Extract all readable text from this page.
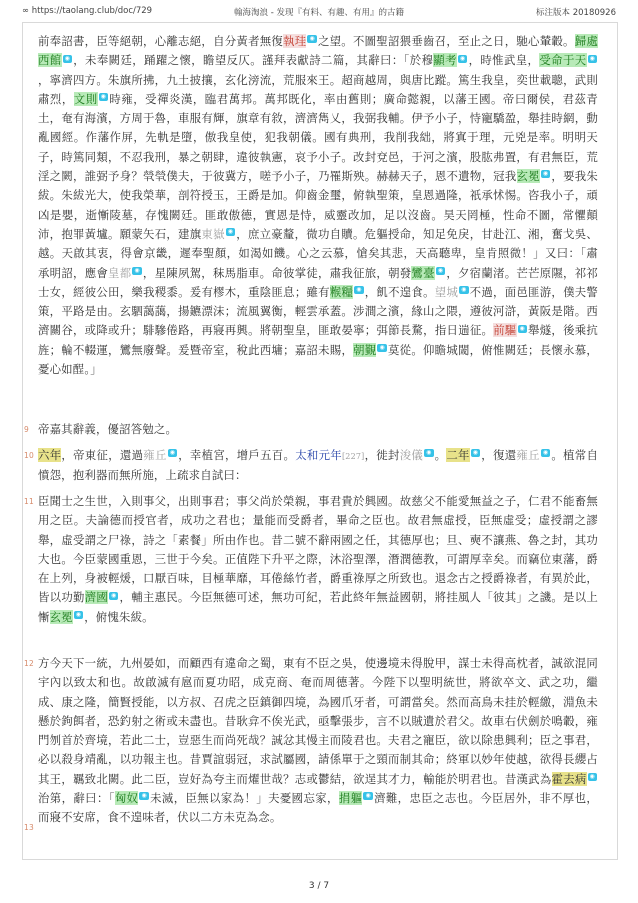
∞ https://taolang.club/doc/729	翰海淘浪 - 发现『有料、有趣、有用』的古籍	标注版本 20180926
前奉詔書，臣等絕朝，心離志絕，自分黃者無復執珪 ◉ 之望。不圖聖詔猥垂齒召，至止之日，馳心輦轂。歸處西館 ◉ ，未奉闕廷，踊躍之懷，瞻望反仄。謹拜表獻詩二篇，其辭曰：「於穆顯考 ◉ ，時惟武皇，受命于天 ◉，寧濟四方。朱旗所拂，九土披攘，玄化滂流，荒服來王。超商越周，與唐比蹤。篤生我皇，奕世載聰，武則肅烈，文則 ◉ 時雍，受禪炎漢，臨君萬邦。萬邦既化，率由舊則；廣命懿親，以藩王國。帝曰爾侯，君茲青土，奄有海濱，方周于魯，車服有輝，旗章有敘，濟濟雋乂，我弼我輔。伊予小子，恃寵驕盈，舉挂時網，動亂國經。作藩作屏，先軌是墮，傲我皇使，犯我朝儀。國有典刑，我削我絀，將寘于理，元兇是率。明明天子，時篤同類，不忍我刑，暴之朝肆，違彼執憲，哀予小子。改封兗邑，于河之濱，股肱弗置，有君無臣，荒淫之闕，誰弼予身？煢煢僕夫，于彼冀方，嗟予小子，乃罹斯殃。赫赫天子，恩不遺物，冠我玄冕 ◉ ，要我朱紱。朱紱光大，使我榮華，剖符授玉，王爵是加。仰齒金璽，俯執聖策，皇恩過隆，祇承怵惕。咨我小子，頑凶是嬰，逝慚陵墓，存愧闕廷。匪敢傲德，實恩是恃，威靈改加，足以沒齒。昊天罔極，性命不圖，常懼顛沛，抱罪黃壚。願蒙矢石，建旗東嶽 ◉ ，庶立豪釐，微功自贖。危軀授命，知足免戾，甘赴江、湘，奮戈吳、越。天啟其衷，得會京畿，遲奉聖顏，如渴如饑。心之云慕，愴矣其悲，天高聽卑，皇肯照微！」又曰：「肅承明詔，應會皇都 ◉ ，星陳夙駕，秣馬脂車。命彼掌徒，肅我征旅，朝發鸞臺 ◉ ，夕宿蘭渚。芒芒原隰，祁祁士女，經彼公田，樂我稷黍。爰有樛木，重陰匪息；雖有糇糧 ◉ ，飢不遑食。望城 ◉ 不過，面邑匪游，僕夫警策，平路是由。玄駟藹藹，揚鑣漂沫；流風翼衡，輕雲承蓋。涉澗之濱，緣山之隈，遵彼河滸，黃阪是階。西濟關谷，或降或升；騑驂倦路，再寢再興。將朝聖皇，匪敢晏寧；弭節長騖，指日遄征。前驅 ◉ 舉燧，後乘抗旌；輪不輟運，鸞無廢聲。爰暨帝室，稅此西墉；嘉詔未賜，朝覲 ◉ 莫從。仰瞻城閾，俯惟闕廷；長懷永慕，憂心如酲。」
9 帝嘉其辭義，優詔答勉之。
10 六年，帝東征，還過雍丘 ◉ ，幸植宮，增戶五百。太和元年[227]，徙封浚儀 ◉ 。二年 ◉ ，復還雍丘 ◉ 。植常自憤怨，抱利器而無所施，上疏求自試曰：
11 臣聞士之生世，入則事父，出則事君；事父尚於榮親，事君貴於興國。故慈父不能愛無益之子，仁君不能畜無用之臣。夫論德而授官者，成功之君也；量能而受爵者，畢命之臣也。故君無虛授，臣無虛受；虛授謂之謬舉，虛受謂之尸祿，詩之「素餐」所由作也。昔二號不辭兩國之任，其德厚也；旦、奭不讓燕、魯之封，其功大也。今臣蒙國重恩，三世于今矣。正值陛下升平之際，沐浴聖澤，潛潤德教，可謂厚幸矣。而竊位東藩，爵在上列，身被輕煖，口厭百味，目極華靡，耳倦絲竹者，爵重祿厚之所致也。退念古之授爵祿者，有異於此，皆以功勤濟國 ◉ ，輔主惠民。今臣無德可述，無功可紀，若此終年無益國朝，將挂風人「彼其」之譏。是以上慚玄冕 ◉ ，俯愧朱紱。
12 方今天下一統，九州晏如，而顧西有違命之蜀，東有不臣之吳，使邊境未得脫甲，謀士未得高枕者，誠欲混同宇內以致太和也。故啟滅有扈而夏功昭，成克商、奄而周德著。今陛下以聖明統世，將欲卒文、武之功，繼成、康之隆，簡賢授能，以方叔、召虎之臣鎮御四境，為國爪牙者，可謂當矣。然而高鳥未挂於輕繳，淵魚未懸於鉤餌者，恐釣射之術或未盡也。昔耿弇不俟光武，亟擊張步，言不以賊遺於君父。故車右伏劍於鳴轂，雍門刎首於齊境，若此二士，豈惡生而尚死哉？誠忿其慢主而陵君也。夫君之寵臣，欲以除患興利；臣之事君，必以殺身靖亂，以功報主也。昔賈誼弱冠，求試屬國，請係單于之頸而制其命；終軍以妙年使越，欲得長纓占其王，羈致北闕。此二臣，豈好為夸主而燿世哉？志或鬱結，欲逞其才力，輸能於明君也。昔漢武為霍去病 ◉治第，辭曰：「匈奴 ◉ 未滅，臣無以家為！」夫憂國忘家，捐軀 ◉ 濟難，忠臣之志也。今臣居外，非不厚也，而寢不安席，食不遑味者，伏以二方未克為念。
13
3 / 7
